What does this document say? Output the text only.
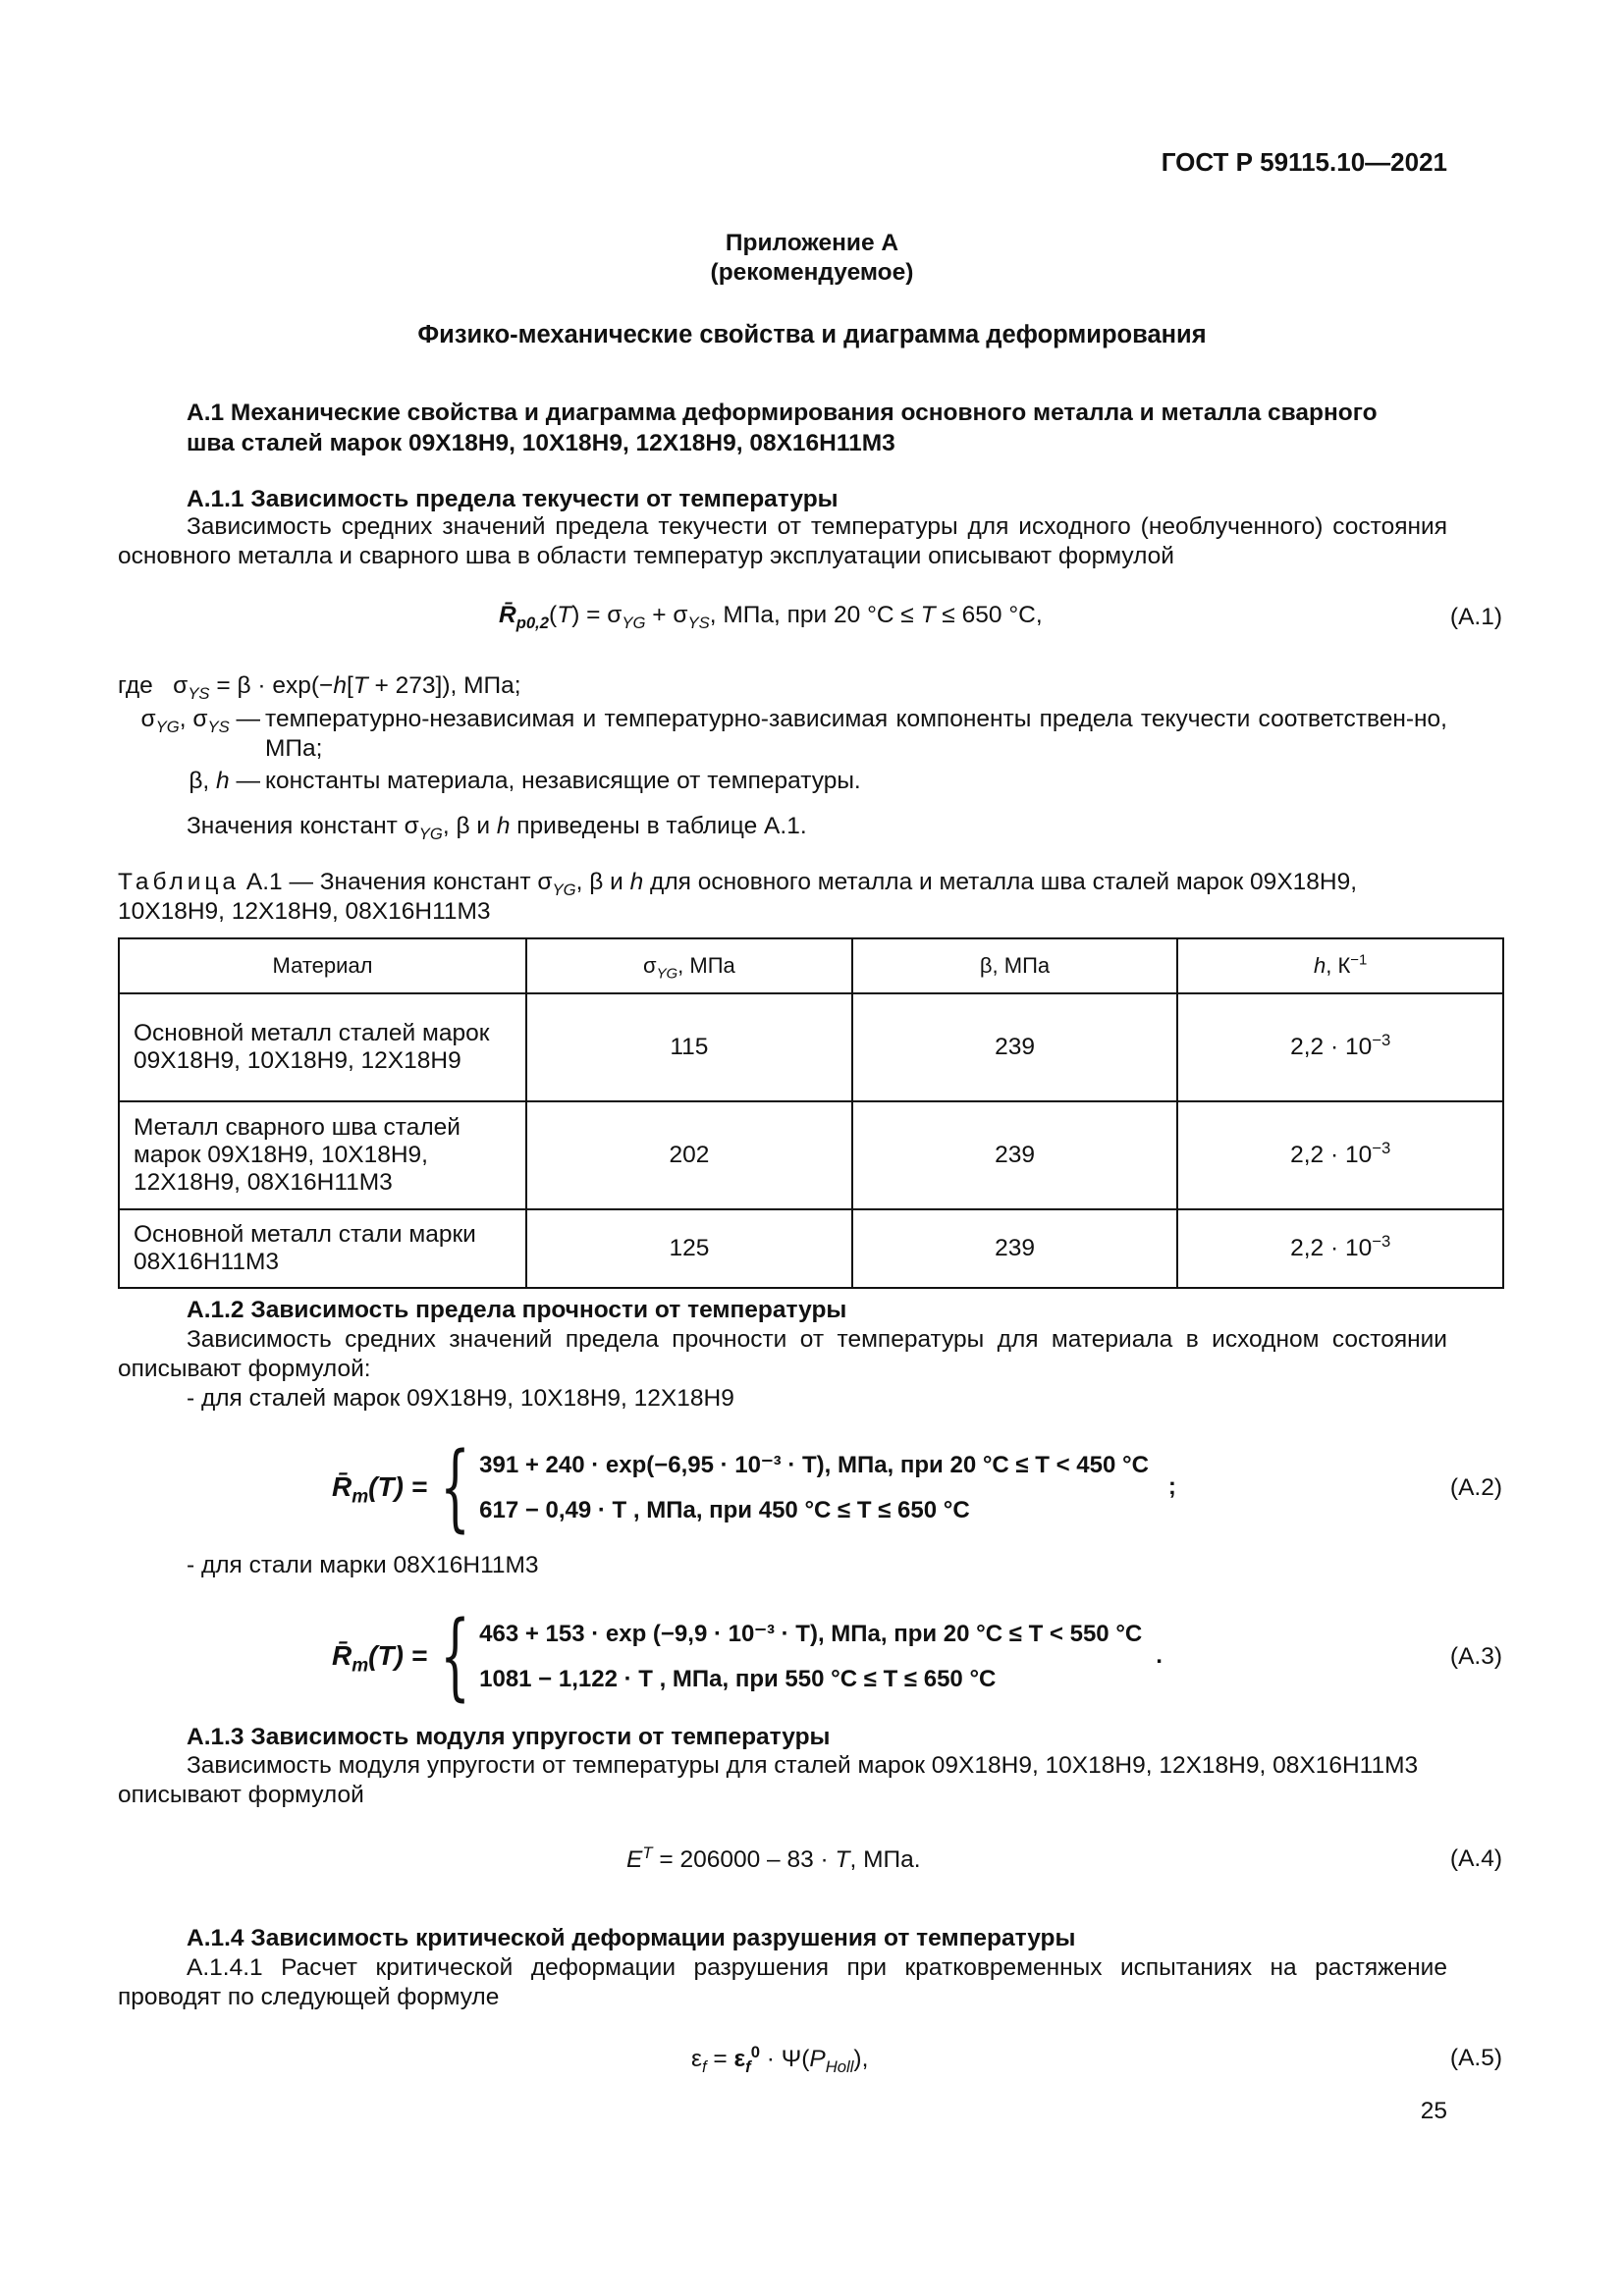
ГОСТ Р 59115.10—2021
Приложение А
(рекомендуемое)
Физико-механические свойства и диаграмма деформирования
А.1 Механические свойства и диаграмма деформирования основного металла и металла сварного
шва сталей марок 09Х18Н9, 10Х18Н9, 12Х18Н9, 08Х16Н11М3
А.1.1 Зависимость предела текучести от температуры
Зависимость средних значений предела текучести от температуры для исходного (необлученного) состояния основного металла и сварного шва в области температур эксплуатации описывают формулой
$R̄_{p0,2}(T) = \sigma_{YG} + \sigma_{YS}$, МПа, при 20 °С ≤ T ≤ 650 °С,	(А.1)
где   $\sigma_{YS} = \beta \cdot \exp(-h[T + 273])$, МПа;
$\sigma_{YG}$, $\sigma_{YS}$ — температурно-независимая и температурно-зависимая компоненты предела текучести соответствен-но, МПа;
β, h — константы материала, независящие от температуры.
Значения констант $\sigma_{YG}$, β и h приведены в таблице А.1.
Таблица А.1 — Значения констант $\sigma_{YG}$, β и h для основного металла и металла шва сталей марок 09Х18Н9,
10Х18Н9, 12Х18Н9, 08Х16Н11М3
Материал	$\sigma_{YG}$, МПа	β, МПа	h, $К^{-1}$
Основной металл сталей марок 09Х18Н9, 10Х18Н9, 12Х18Н9	115	239	$2,2 \cdot 10^{-3}$
Металл сварного шва сталей марок 09Х18Н9, 10Х18Н9, 12Х18Н9, 08Х16Н11М3	202	239	$2,2 \cdot 10^{-3}$
Основной металл стали марки 08Х16Н11М3	125	239	$2,2 \cdot 10^{-3}$
А.1.2 Зависимость предела прочности от температуры
Зависимость средних значений предела прочности от температуры для материала в исходном состоянии описывают формулой:
- для сталей марок 09Х18Н9, 10Х18Н9, 12Х18Н9
$R̄_m(T)$ = { 391 + 240 · exp(−6,95 · 10⁻³ · T), МПа, при 20 °С ≤ T < 450 °С
617 − 0,49 · T , МПа, при 450 °С ≤ T ≤ 650 °С
;	(А.2)
- для стали марки 08Х16Н11М3
$R̄_m(T)$ = { 463 + 153 · exp (−9,9 · 10⁻³ · T), МПа, при 20 °С ≤ T < 550 °С
1081 − 1,122 · T , МПа, при 550 °С ≤ T ≤ 650 °С
.	(А.3)
А.1.3 Зависимость модуля упругости от температуры
Зависимость модуля упругости от температуры для сталей марок 09Х18Н9, 10Х18Н9, 12Х18Н9, 08Х16Н11М3
описывают формулой
$E^T = 206000 - 83 \cdot T$, МПа.	(А.4)
А.1.4 Зависимость критической деформации разрушения от температуры
А.1.4.1 Расчет критической деформации разрушения при кратковременных испытаниях на растяжение проводят по следующей формуле
$\varepsilon_f = \varepsilon_f^0 \cdot \Psi(P_{Holl})$,	(А.5)
25
